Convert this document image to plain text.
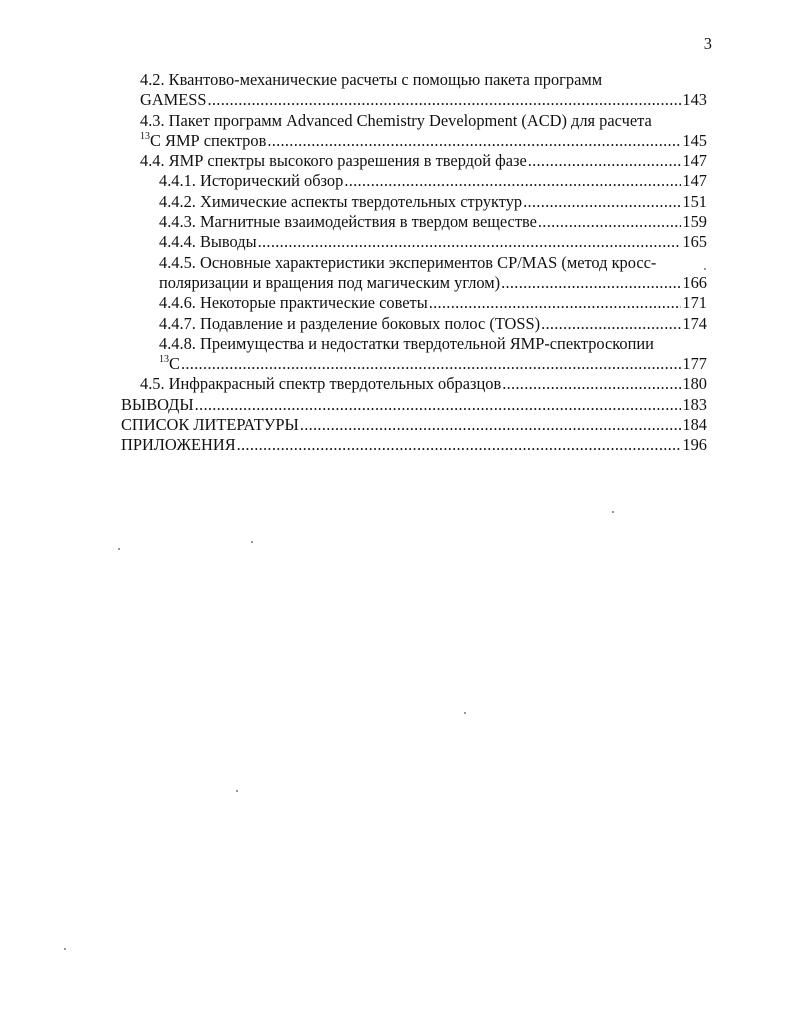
3
4.2. Квантово-механические расчеты с помощью пакета программ
GAMESS .....	143
4.3. Пакет программ Advanced Chemistry Development (ACD) для расчета
$^{13}$С ЯМР спектров .....	145
4.4. ЯМР спектры высокого разрешения в твердой фазе .....	147
4.4.1. Исторический обзор .....	147
4.4.2. Химические аспекты твердотельных структур .....	151
4.4.3. Магнитные взаимодействия в твердом веществе .....	159
4.4.4. Выводы .....	165
4.4.5. Основные характеристики экспериментов CP/MAS (метод кросс-
поляризации и вращения под магическим углом) .....	166
4.4.6. Некоторые практические советы .....	171
4.4.7. Подавление и разделение боковых полос (TOSS) .....	174
4.4.8. Преимущества и недостатки твердотельной ЯМР-спектроскопии
$^{13}$С .....	177
4.5. Инфракрасный спектр твердотельных образцов .....	180
ВЫВОДЫ .....	183
СПИСОК ЛИТЕРАТУРЫ .....	184
ПРИЛОЖЕНИЯ .....	196
